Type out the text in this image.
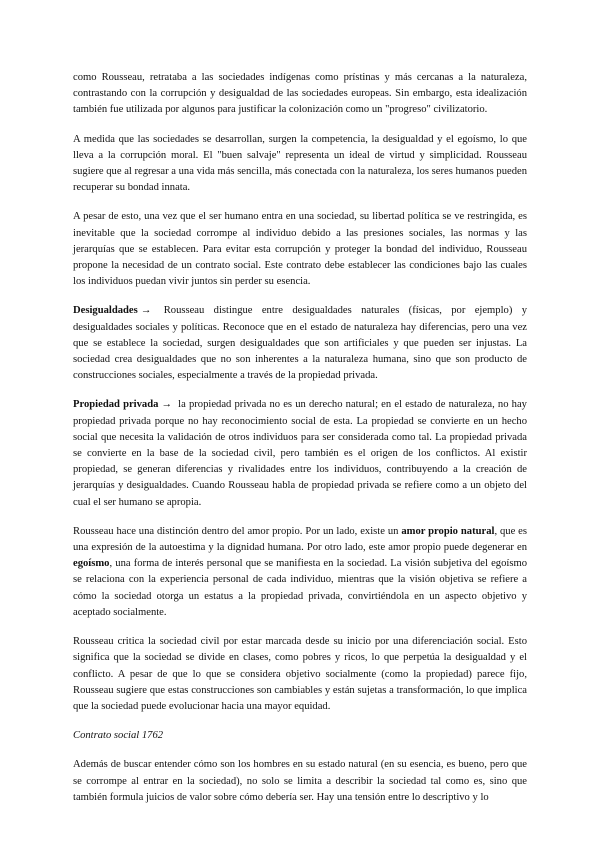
como Rousseau, retrataba a las sociedades indígenas como prístinas y más cercanas a la naturaleza, contrastando con la corrupción y desigualdad de las sociedades europeas. Sin embargo, esta idealización también fue utilizada por algunos para justificar la colonización como un "progreso" civilizatorio.

A medida que las sociedades se desarrollan, surgen la competencia, la desigualdad y el egoísmo, lo que lleva a la corrupción moral. El "buen salvaje" representa un ideal de virtud y simplicidad. Rousseau sugiere que al regresar a una vida más sencilla, más conectada con la naturaleza, los seres humanos pueden recuperar su bondad innata.

A pesar de esto, una vez que el ser humano entra en una sociedad, su libertad política se ve restringida, es inevitable que la sociedad corrompe al individuo debido a las presiones sociales, las normas y las jerarquías que se establecen. Para evitar esta corrupción y proteger la bondad del individuo, Rousseau propone la necesidad de un contrato social. Este contrato debe establecer las condiciones bajo las cuales los individuos puedan vivir juntos sin perder su esencia.

Desigualdades → Rousseau distingue entre desigualdades naturales (físicas, por ejemplo) y desigualdades sociales y políticas. Reconoce que en el estado de naturaleza hay diferencias, pero una vez que se establece la sociedad, surgen desigualdades que son artificiales y que pueden ser injustas. La sociedad crea desigualdades que no son inherentes a la naturaleza humana, sino que son producto de construcciones sociales, especialmente a través de la propiedad privada.

Propiedad privada → la propiedad privada no es un derecho natural; en el estado de naturaleza, no hay propiedad privada porque no hay reconocimiento social de esta. La propiedad se convierte en un hecho social que necesita la validación de otros individuos para ser considerada como tal. La propiedad privada se convierte en la base de la sociedad civil, pero también es el origen de los conflictos. Al existir propiedad, se generan diferencias y rivalidades entre los individuos, contribuyendo a la creación de jerarquías y desigualdades. Cuando Rousseau habla de propiedad privada se refiere como a un objeto del cual el ser humano se apropia.

Rousseau hace una distinción dentro del amor propio. Por un lado, existe un amor propio natural, que es una expresión de la autoestima y la dignidad humana. Por otro lado, este amor propio puede degenerar en egoísmo, una forma de interés personal que se manifiesta en la sociedad. La visión subjetiva del egoísmo se relaciona con la experiencia personal de cada individuo, mientras que la visión objetiva se refiere a cómo la sociedad otorga un estatus a la propiedad privada, convirtiéndola en un aspecto objetivo y aceptado socialmente.

Rousseau critica la sociedad civil por estar marcada desde su inicio por una diferenciación social. Esto significa que la sociedad se divide en clases, como pobres y ricos, lo que perpetúa la desigualdad y el conflicto. A pesar de que lo que se considera objetivo socialmente (como la propiedad) parece fijo, Rousseau sugiere que estas construcciones son cambiables y están sujetas a transformación, lo que implica que la sociedad puede evolucionar hacia una mayor equidad.

Contrato social 1762

Además de buscar entender cómo son los hombres en su estado natural (en su esencia, es bueno, pero que se corrompe al entrar en la sociedad), no solo se limita a describir la sociedad tal como es, sino que también formula juicios de valor sobre cómo debería ser. Hay una tensión entre lo descriptivo y lo
